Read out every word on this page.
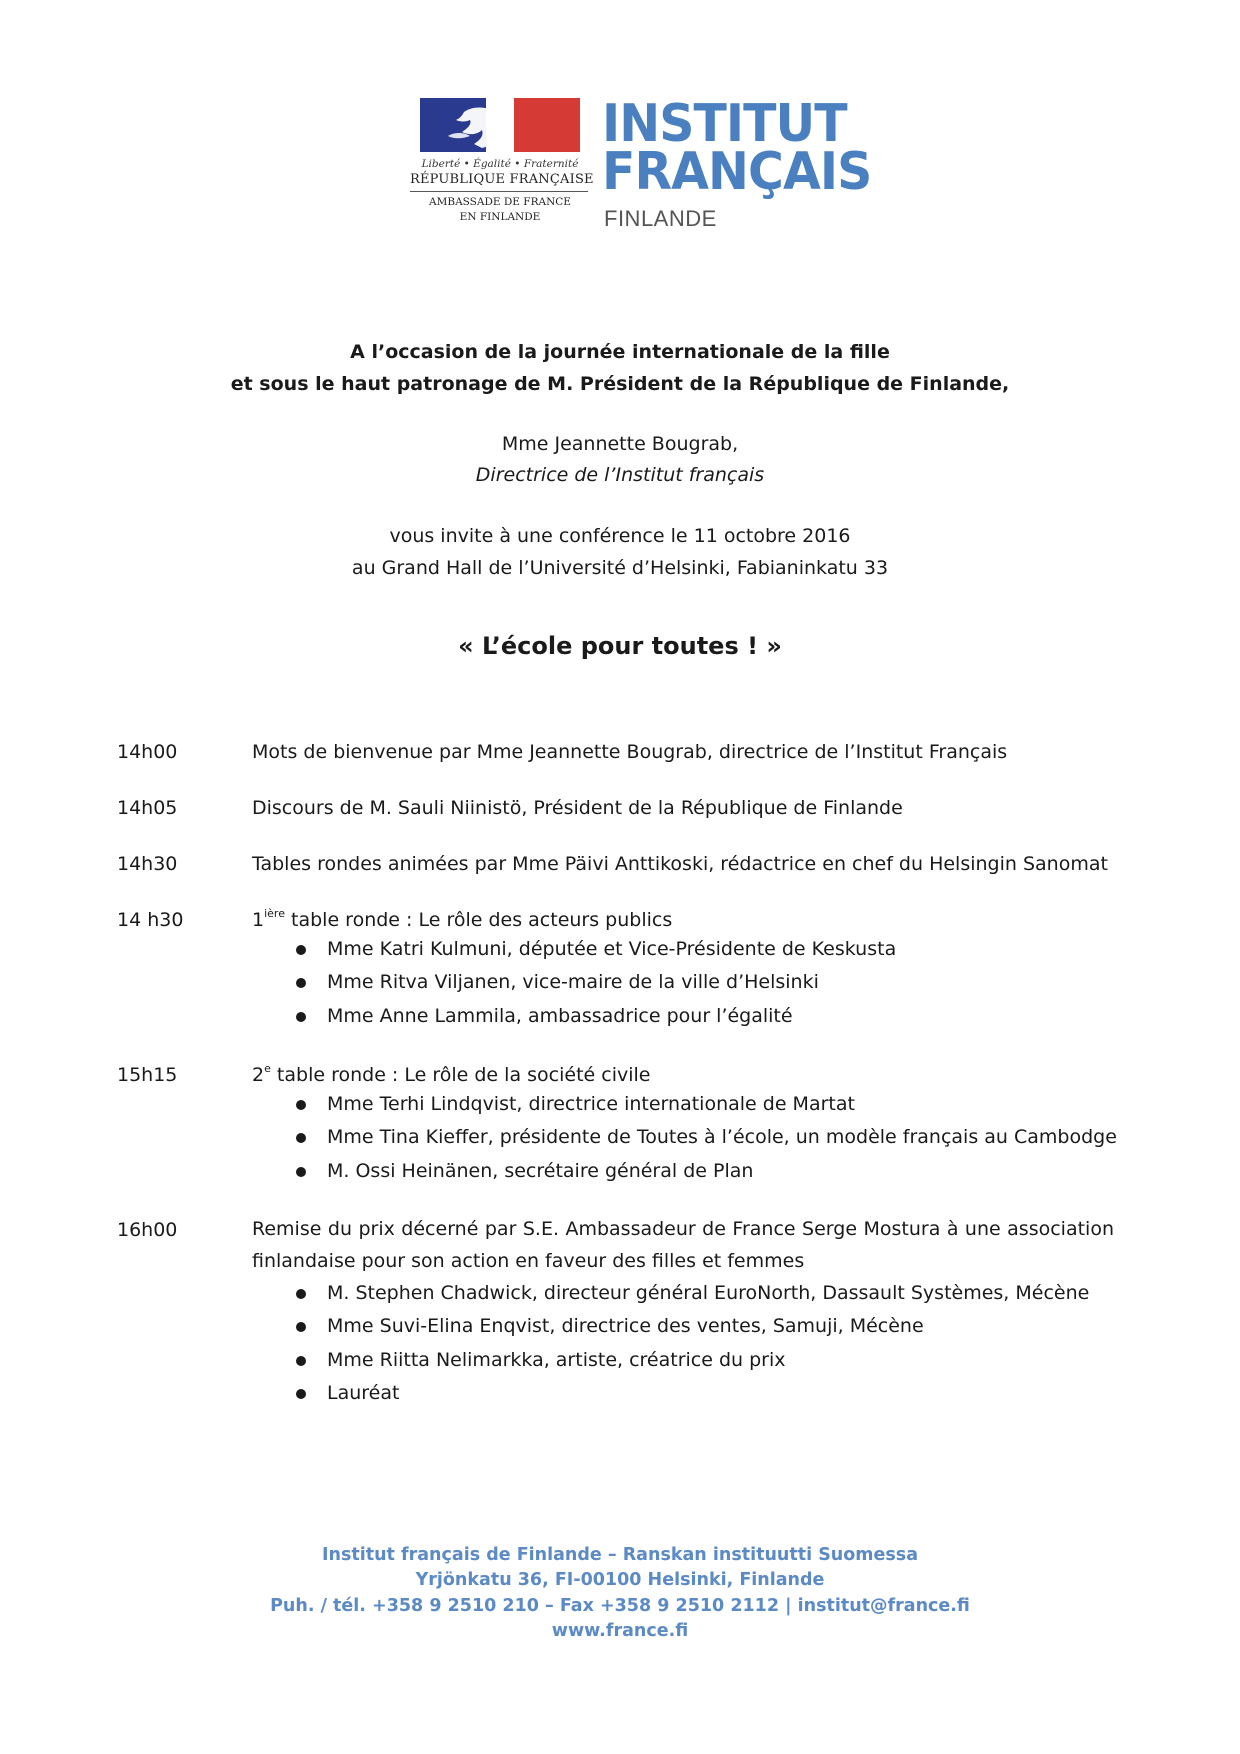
Liberté • Égalité • Fraternité
RÉPUBLIQUE FRANÇAISE
AMBASSADE DE FRANCE
EN FINLANDE
INSTITUT
FRANÇAIS
FINLANDE
A l’occasion de la journée internationale de la fille
et sous le haut patronage de M. Président de la République de Finlande,
Mme Jeannette Bougrab,
Directrice de l’Institut français
vous invite à une conférence le 11 octobre 2016
au Grand Hall de l’Université d’Helsinki, Fabianinkatu 33
« L’école pour toutes ! »
14h00	Mots de bienvenue par Mme Jeannette Bougrab, directrice de l’Institut Français
14h05	Discours de M. Sauli Niinistö, Président de la République de Finlande
14h30	Tables rondes animées par Mme Päivi Anttikoski, rédactrice en chef du Helsingin Sanomat
14 h30	$1^{ière}$ table ronde : Le rôle des acteurs publics
Mme Katri Kulmuni, députée et Vice-Présidente de Keskusta
Mme Ritva Viljanen, vice-maire de la ville d’Helsinki
Mme Anne Lammila, ambassadrice pour l’égalité
15h15	2e table ronde : Le rôle de la société civile
Mme Terhi Lindqvist, directrice internationale de Martat
Mme Tina Kieffer, présidente de Toutes à l’école, un modèle français au Cambodge
M. Ossi Heinänen, secrétaire général de Plan
16h00	Remise du prix décerné par S.E. Ambassadeur de France Serge Mostura à une association finlandaise pour son action en faveur des filles et femmes
M. Stephen Chadwick, directeur général EuroNorth, Dassault Systèmes, Mécène
Mme Suvi-Elina Enqvist, directrice des ventes, Samuji, Mécène
Mme Riitta Nelimarkka, artiste, créatrice du prix
Lauréat
Institut français de Finlande – Ranskan instituutti Suomessa
Yrjönkatu 36, FI-00100 Helsinki, Finlande
Puh. / tél. +358 9 2510 210 – Fax +358 9 2510 2112 | institut@france.fi
www.france.fi
